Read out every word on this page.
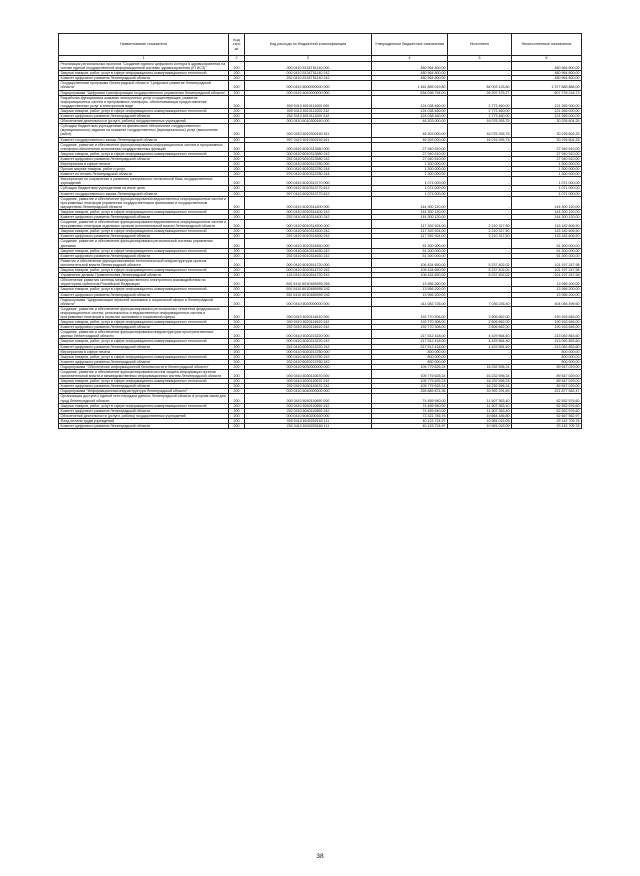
Наименование показателя	Код стро ки	Код расхода по бюджетной классификации	Утвержденные бюджетные назначения	Исполнено	Неисполненные назначения
1	2	3	4	5	6
Реализация региональных проектов "Создание единого цифрового контура в здравоохранении на основе единой государственной информационной системы здравоохранения (ЕГИСЗ)"	200	000 0410 5134Т51140 000	480 964 800,00	-	480 964 800,00
Закупка товаров, работ, услуг в сфере информационно-коммуникационных технологий	200	000 0410 5134Т51140 242	480 964 800,00	-	480 964 800,00
Комитет цифрового развития Ленинградской области	200	252 0410 5134Т51140 242	480 964 800,00	-	480 964 800,00
Государственная программа Ленинградской области "Цифровое развитие Ленинградской области"	200	000 0410 6000000000 000	1 461 889 019,80	84 003 133,80	1 377 885 886,00
Подпрограмма "Цифровая трансформация государственного управления Ленинградской области"	200	000 0410 6010000000 000	634 036 794,00	26 297 575,27	607 739 218,73
Разработка функционала оказания электронных услуг и существующих, развитие информационных систем и программных платформ, обеспечивающих предоставление государственных услуг в электронном виде	200	000 0410 6010111000 000	124 038 460,00	2 773 460,00	121 265 000,00
Закупка товаров, работ, услуг в сфере информационно-коммуникационных технологий	200	000 0410 6010111000 242	124 038 460,00	2 773 460,00	121 265 000,00
Комитет цифрового развития Ленинградской области	200	252 0410 6010111000 242	124 038 460,00	2 773 460,00	121 265 000,00
Обеспечение деятельности (услуги, работы) государственных учреждений	200	000 0410 6010300160 000	46 303 000,00	16 076 395,75	30 226 604,25
Субсидии бюджетным учреждениям на финансовое обеспечение государственного (муниципального) задания на оказание государственных (муниципальных) услуг (выполнение работ)	200	000 0410 6010300160 611	46 303 000,00	16 076 395,75	30 226 604,25
Комитет государственного заказа Ленинградской области	200	997 0410 6010300160 611	46 303 000,00	16 076 395,75	30 226 604,25
Создание, развитие и обеспечение функционирования информационных систем и программных платформ обеспечения исполнения государственных функций	200	000 0410 6010313580 000	27 940 510,00	-	27 940 510,00
Закупка товаров, работ, услуг в сфере информационно-коммуникационных технологий	200	000 0410 6010313580 242	27 940 510,00	-	27 940 510,00
Комитет цифрового развития Ленинградской области	200	252 0410 6010313580 242	27 940 510,00	-	27 940 510,00
Мероприятия в сфере печати	200	000 0410 6010313780 000	1 300 000,00	-	1 300 000,00
Прочая закупка товаров, работ и услуг	200	000 0410 6010313780 244	1 300 000,00	-	1 300 000,00
Комитет по печати Ленинградской области	200	976 0410 6010313780 244	1 300 000,00	-	1 300 000,00
Мероприятия по сохранению и развитию материально-технической базы государственных учреждений	200	000 0410 6010313770 000	1 071 000,00	-	1 071 000,00
Субсидии бюджетным учреждениям на иные цели	200	000 0410 6010313770 612	1 071 000,00	-	1 071 000,00
Комитет государственного заказа Ленинградской области	200	997 0410 6010313770 612	1 071 000,00	-	1 071 000,00
Создание, развитие и обеспечение функционирования ведомственных информационных систем и программных платформ управления государственными финансами и государственным имуществом Ленинградской области	200	000 0410 6010314400 000	144 300 120,00	-	144 300 120,00
Закупка товаров, работ, услуг в сфере информационно-коммуникационных технологий	200	000 0410 6010314400 242	144 300 120,00	-	144 300 120,00
Комитет цифрового развития Ленинградской области	200	252 0410 6010314400 242	144 300 120,00	-	144 300 120,00
Создание, развитие и обеспечение функционирования ведомственных информационных систем и программных платформ отдельных органов исполнительной власти Ленинградской области	200	000 0410 6010314500 000	117 392 924,00	2 210 317,50	115 182 606,50
Закупка товаров, работ, услуг в сфере информационно-коммуникационных технологий	200	000 0410 6010314500 242	117 392 924,00	2 210 317,50	115 182 606,50
Комитет цифрового развития Ленинградской области	200	252 0410 6010314500 242	117 392 924,00	2 210 317,50	115 182 606,50
Создание, развитие и обеспечение функционирования региональной системы управления данными	200	000 0410 6010314630 000	51 300 000,00	-	51 300 000,00
Закупка товаров, работ, услуг в сфере информационно-коммуникационных технологий	200	000 0410 6010314630 242	51 300 000,00	-	51 300 000,00
Комитет цифрового развития Ленинградской области	200	252 0410 6010314630 242	51 300 000,00	-	51 300 000,00
Развитие и обеспечение функционирования технологической инфраструктуры органов исполнительной власти Ленинградской области	200	000 0410 6010514720 000	106 434 650,00	5 237 402,02	101 197 247,98
Закупка товаров, работ, услуг в сфере информационно-коммуникационных технологий	200	000 0410 6010514720 242	106 434 650,00	5 237 402,02	101 197 247,98
Управление делами Правительства Ленинградской области	200	133 0410 6010514720 242	106 434 650,00	5 237 402,02	101 197 247,98
Обеспечение развития системы межведомственного электронного взаимодействия на территориях субъектов Российской Федерации	200	000 0410 601D659090 000	13 956 200,00	-	13 956 200,00
Закупка товаров, работ, услуг в сфере информационно-коммуникационных технологий	200	000 0410 601D659090 242	13 956 200,00	-	13 956 200,00
Комитет цифрового развития Ленинградской области	200	252 0410 601D659090 242	13 956 200,00	-	13 956 200,00
Подпрограмма "Цифровизация отраслей экономики и социальной сферы в Ленинградской области"	200	000 0410 6020000000 000	411 082 726,00	7 036 226,40	404 046 499,60
Создание, развитие и обеспечение функционирования региональных сегментов федеральных информационных систем, региональных и ведомственных информационных систем и программных платформ в отраслях экономики и социальной сферы	200	000 0410 6020114610 000	192 770 308,00	2 606 662,00	190 163 646,00
Закупка товаров, работ, услуг в сфере информационно-коммуникационных технологий	200	000 0410 6020114610 242	192 770 308,00	2 606 662,00	190 163 646,00
Комитет цифрового развития Ленинградской области	200	252 0410 6020114610 242	192 770 308,00	2 606 662,00	190 163 646,00
Создание, развитие и обеспечение функционирования инфраструктуры пространственных данных Ленинградской области	200	000 0410 6020213220 000	217 512 418,00	4 429 564,40	213 082 853,60
Закупка товаров, работ, услуг в сфере информационно-коммуникационных технологий	200	000 0410 6020213220 242	217 512 418,00	4 429 564,40	213 082 853,60
Комитет цифрового развития Ленинградской области	200	252 0410 6020213220 242	217 512 418,00	4 429 564,40	213 082 853,60
Мероприятия в сфере печати	200	000 0410 6020213780 000	800 000,00	-	800 000,00
Закупка товаров, работ, услуг в сфере информационно-коммуникационных технологий	200	000 0410 6020213780 242	800 000,00	-	800 000,00
Комитет цифрового развития Ленинградской области	200	252 0410 6020213780 242	800 000,00	-	800 000,00
Подпрограмма "Обеспечение информационной безопасности в Ленинградской области"	200	000 0410 6030000000 000	105 779 625,24	16 232 596,24	89 547 029,00
Создание, развитие и обеспечение функционирования систем защиты информации органов исполнительной власти и межведомственных информационных систем Ленинградской области	200	000 0410 6030110670 000	105 779 625,24	16 232 596,24	89 547 029,00
Закупка товаров, работ, услуг в сфере информационно-коммуникационных технологий	200	000 0410 6030110670 242	105 779 625,24	16 232 596,24	89 547 029,00
Комитет цифрового развития Ленинградской области	200	252 0410 6030110670 242	105 779 625,24	16 232 596,24	89 547 029,00
Подпрограмма "Информационная инфраструктура Ленинградской области"	200	000 0410 6040000000 000	255 889 874,36	33 992 291,89	221 877 582,47
Организация доступа к единой сети передачи данных Ленинградской области и услугам связи для нужд Ленинградской области	200	000 0410 6040110690 000	74 459 940,00	11 907 363,40	62 552 576,60
Закупка товаров, работ, услуг в сфере информационно-коммуникационных технологий	200	000 0410 6040110690 242	74 459 940,00	11 907 363,40	62 552 576,60
Комитет цифрового развития Ленинградской области	200	252 0410 6040110690 242	74 459 940,00	11 907 363,40	62 552 576,60
Обеспечение деятельности (услуги, работы) государственных учреждений	200	000 0410 6040200160 000	72 321 746,76	19 664 186,80	52 657 562,97
Фонд оплаты труда учреждений	200	000 0410 6040200160 111	40 123 724,97	10 981 015,09	29 142 709,78
Комитет цифрового развития Ленинградской области	200	252 0410 6040200160 111	40 123 724,97	10 981 015,09	29 142 709,78
38
